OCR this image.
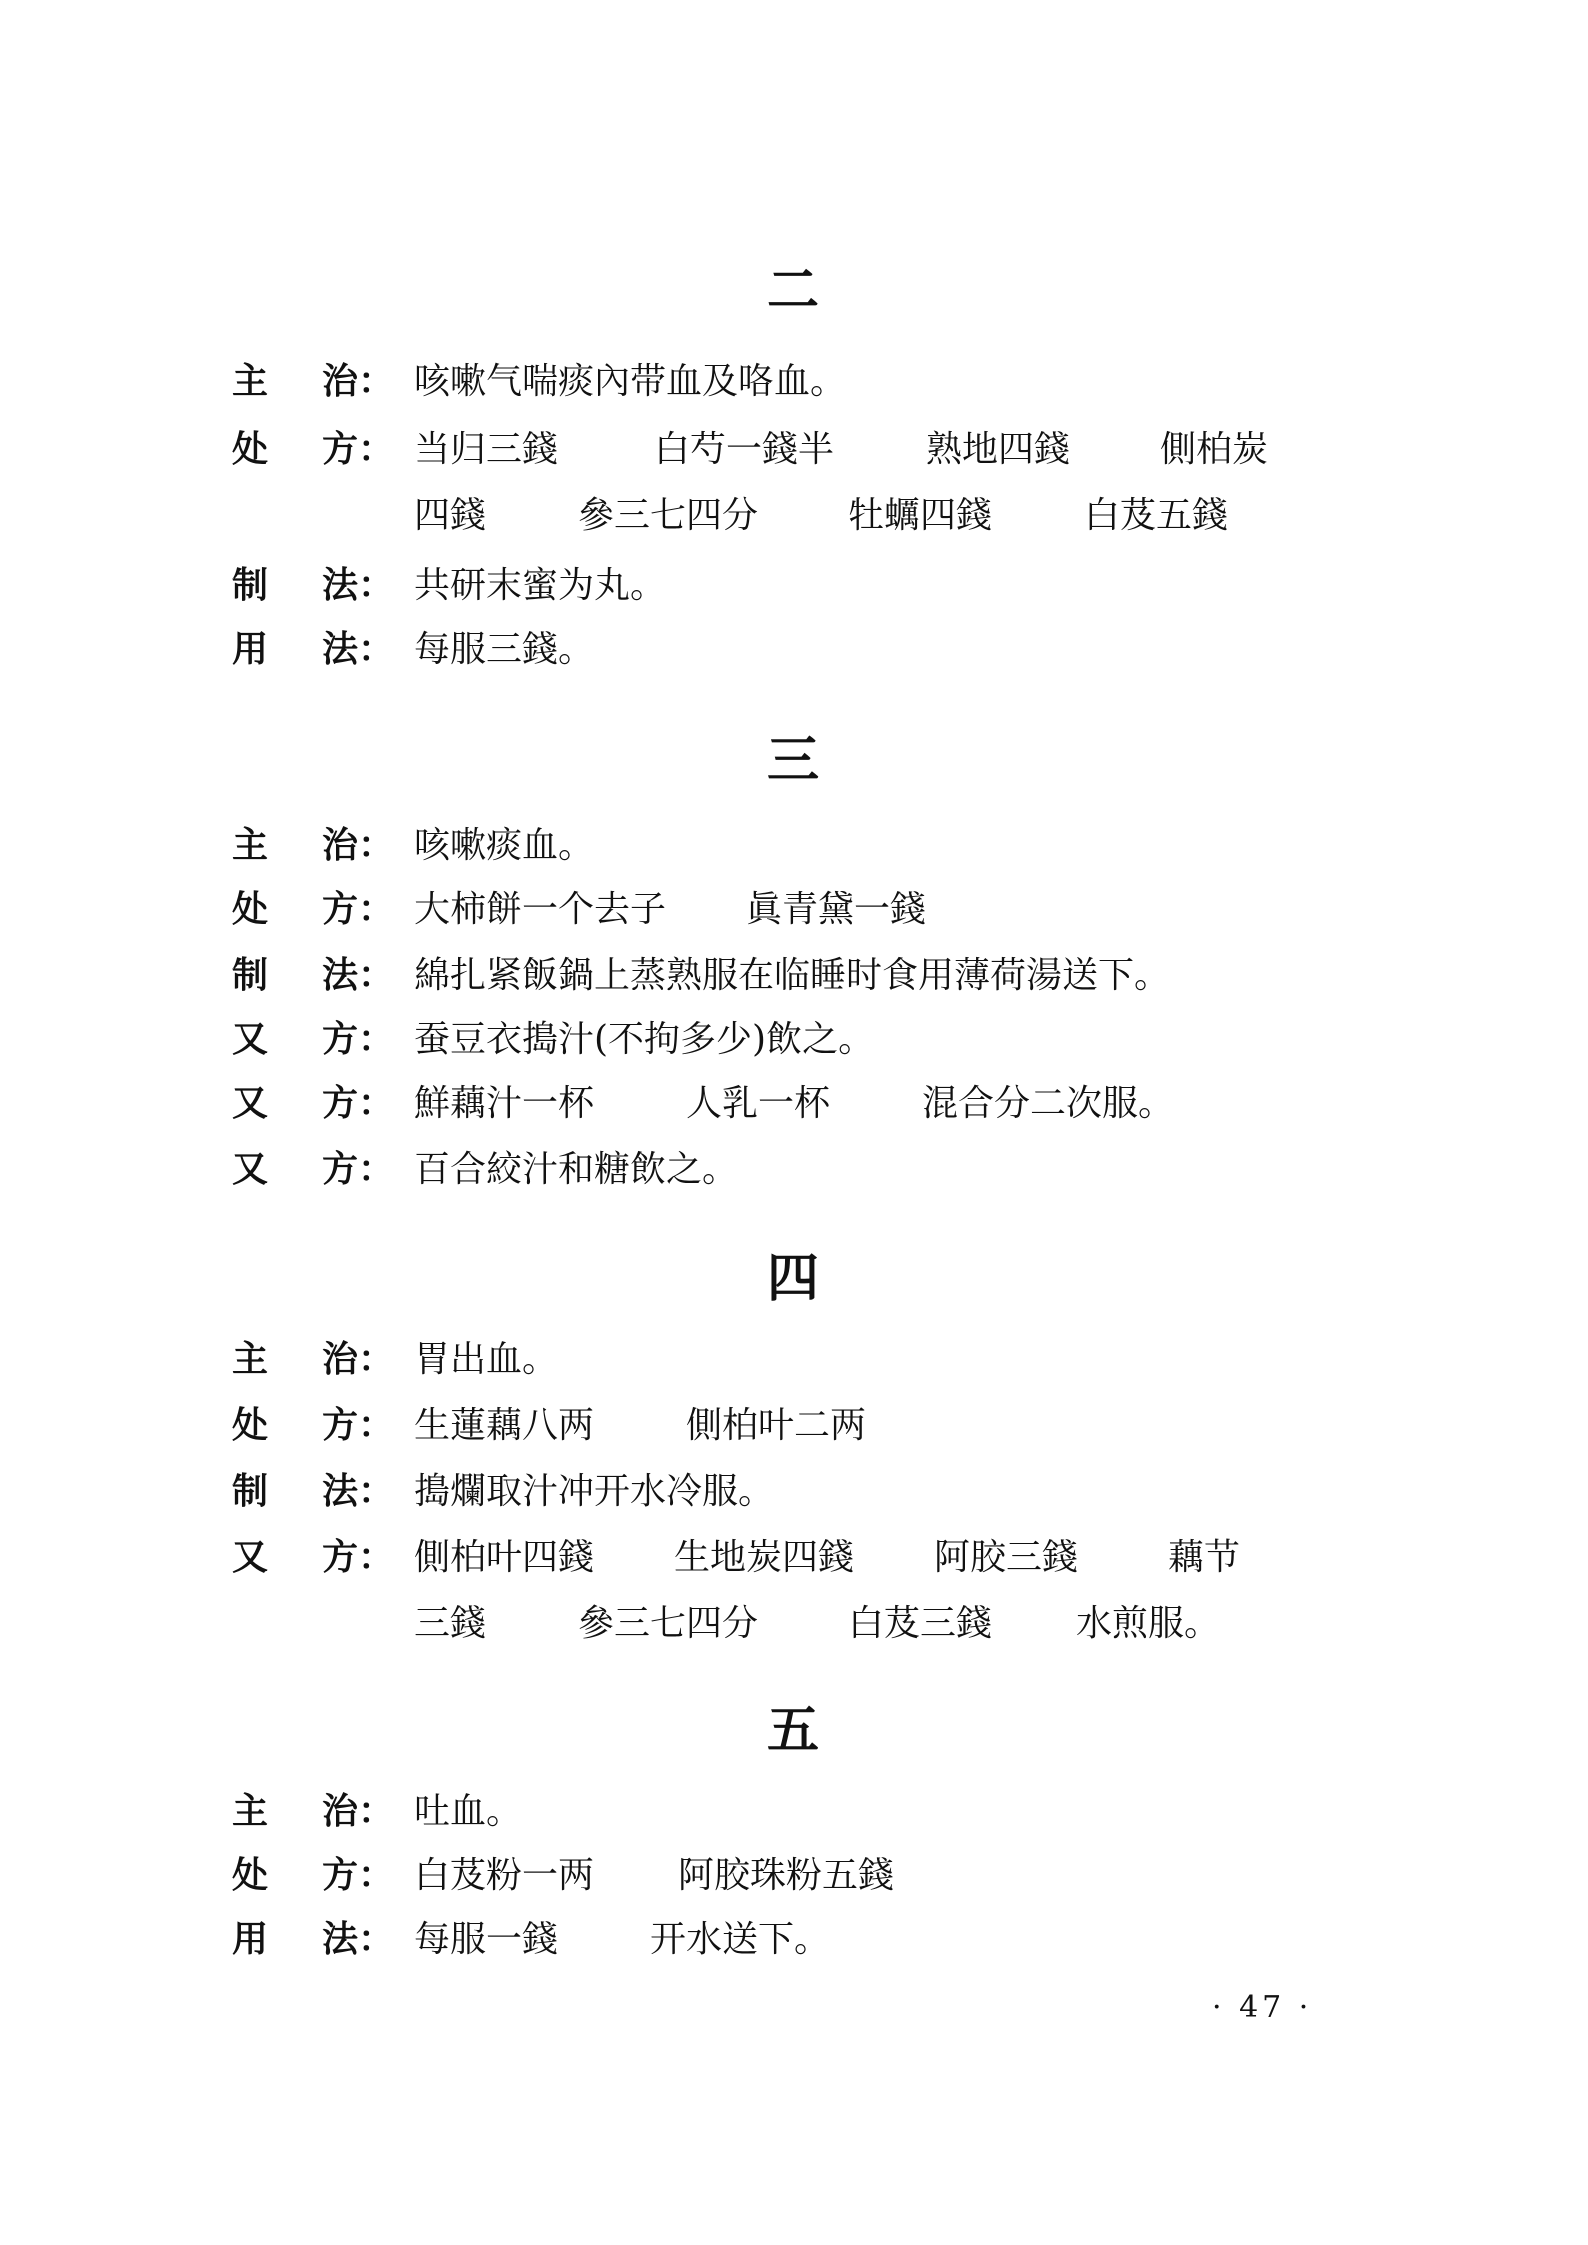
二
主 治： 咳嗽气喘痰內带血及咯血。
处 方： 当归三錢	白芍一錢半	熟地四錢	側柏炭
四錢	參三七四分	牡蠣四錢	白芨五錢
制 法： 共研末蜜为丸。
用 法： 每服三錢。
三
主 治： 咳嗽痰血。
处 方： 大柿餅一个去子 眞青黛一錢
制 法： 綿扎紧飯鍋上蒸熟服在临睡时食用薄荷湯送下。
又 方： 蚕豆衣搗汁(不拘多少)飲之。
又 方： 鮮藕汁一杯	人乳一杯	混合分二次服。
又 方： 百合絞汁和糖飲之。
四
主 治： 胃出血。
处 方： 生蓮藕八两	側柏叶二两
制 法： 搗爛取汁冲开水冷服。
又 方： 側柏叶四錢 生地炭四錢 阿胶三錢	藕节
三錢	參三七四分	白芨三錢 水煎服。
五
主 治： 吐血。
处 方： 白芨粉一两 阿胶珠粉五錢
用 法： 每服一錢	开水送下。
· 47 ·
